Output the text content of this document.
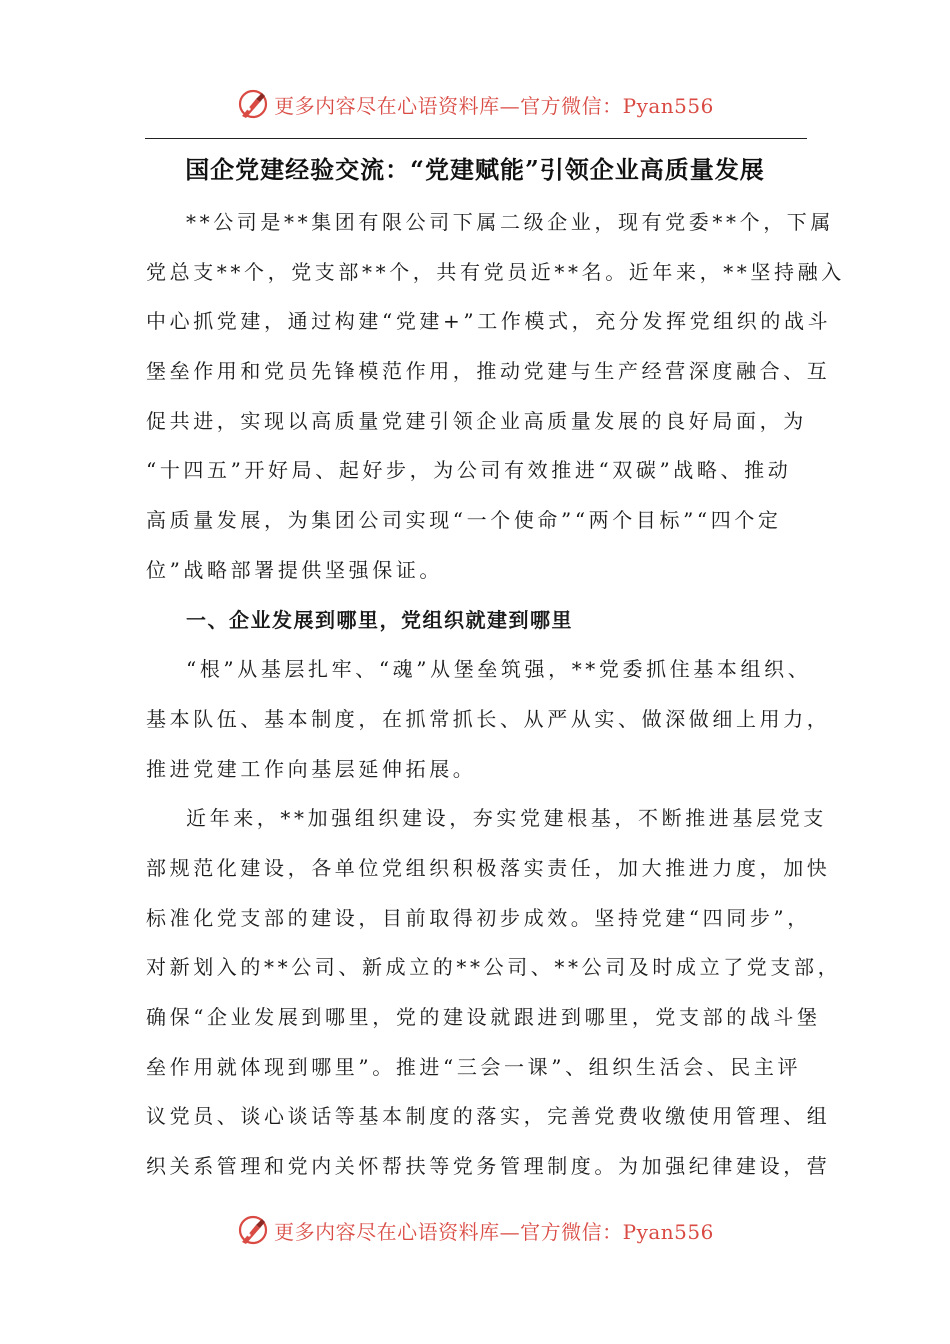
更多内容尽在心语资料库—官方微信：Pyan556
国企党建经验交流：“党建赋能”引领企业高质量发展
**公司是**集团有限公司下属二级企业，现有党委**个，下属
党总支**个，党支部**个，共有党员近**名。近年来，**坚持融入
中心抓党建，通过构建“党建+”工作模式，充分发挥党组织的战斗
堡垒作用和党员先锋模范作用，推动党建与生产经营深度融合、互
促共进，实现以高质量党建引领企业高质量发展的良好局面，为
“十四五”开好局、起好步，为公司有效推进“双碳”战略、推动
高质量发展，为集团公司实现“一个使命”“两个目标”“四个定
位”战略部署提供坚强保证。
一、企业发展到哪里，党组织就建到哪里
“根”从基层扎牢、“魂”从堡垒筑强，**党委抓住基本组织、
基本队伍、基本制度，在抓常抓长、从严从实、做深做细上用力，
推进党建工作向基层延伸拓展。
近年来，**加强组织建设，夯实党建根基，不断推进基层党支
部规范化建设，各单位党组织积极落实责任，加大推进力度，加快
标准化党支部的建设，目前取得初步成效。坚持党建“四同步”，
对新划入的**公司、新成立的**公司、**公司及时成立了党支部，
确保“企业发展到哪里，党的建设就跟进到哪里，党支部的战斗堡
垒作用就体现到哪里”。推进“三会一课”、组织生活会、民主评
议党员、谈心谈话等基本制度的落实，完善党费收缴使用管理、组
织关系管理和党内关怀帮扶等党务管理制度。为加强纪律建设，营
更多内容尽在心语资料库—官方微信：Pyan556
